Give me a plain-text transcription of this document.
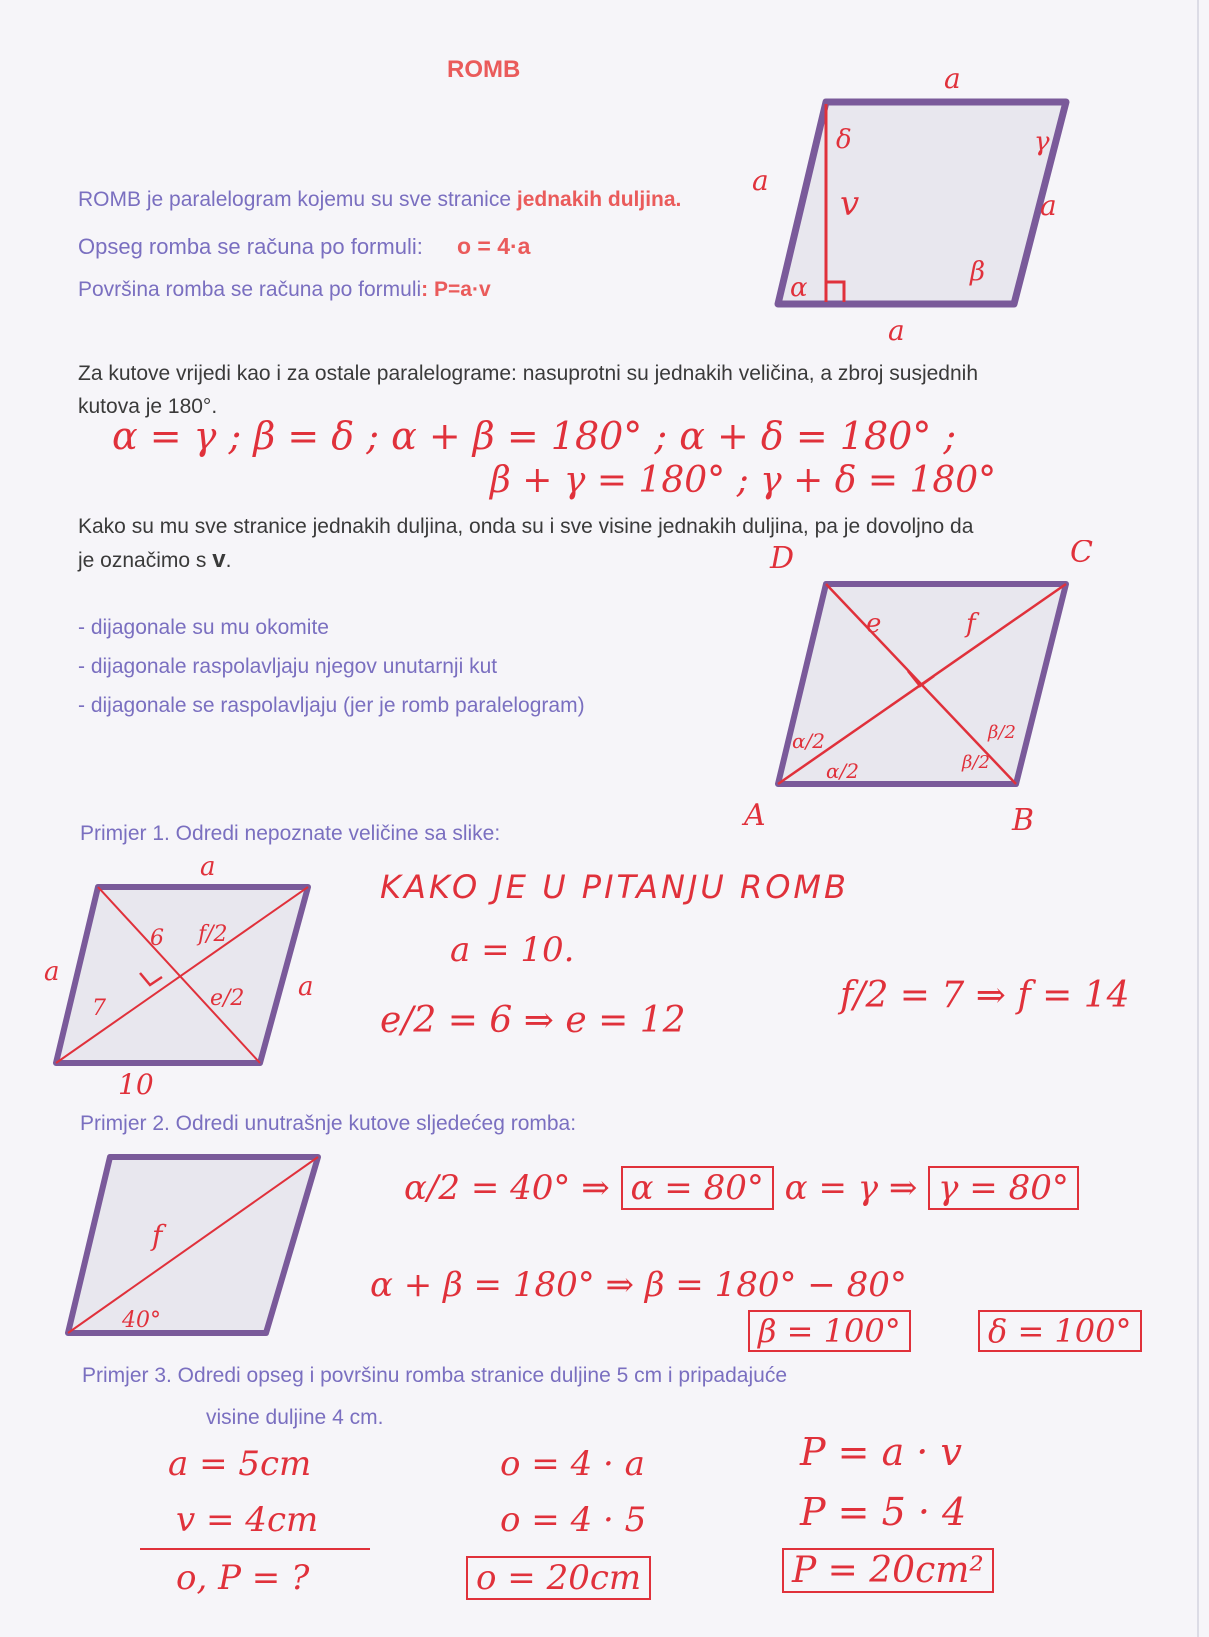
ROMB
ROMB je paralelogram kojemu su sve stranice jednakih duljina.
Opseg romba se računa po formuli: o = 4·a
Površina romba se računa po formuli: P=a·v
a
a
a
a
v
α
β
γ
δ
Za kutove vrijedi kao i za ostale paralelograme: nasuprotni su jednakih veličina, a zbroj susjednih kutova je 180°.
α = γ ; β = δ ; α + β = 180° ; α + δ = 180° ;
β + γ = 180° ; γ + δ = 180°
Kako su mu sve stranice jednakih duljina, onda su i sve visine jednakih duljina, pa je dovoljno da je označimo s v.
- dijagonale su mu okomite
- dijagonale raspolavljaju njegov unutarnji kut
- dijagonale se raspolavljaju (jer je romb paralelogram)
A	B
C
D
e	f
α/2
α/2	β/2
β/2
Primjer 1. Odredi nepoznate veličine sa slike:
a
a	a
6 f/2
7	e/2
10
KAKO JE U PITANJU ROMB
a = 10.
e/2 = 6 ⇒ e = 12
f/2 = 7 ⇒ f = 14
Primjer 2. Odredi unutrašnje kutove sljedećeg romba:
f
40°
α/2 = 40° ⇒ α = 80° α = γ ⇒ γ = 80°
α + β = 180° ⇒ β = 180° − 80°
β = 100°	δ = 100°
Primjer 3. Odredi opseg i površinu romba stranice duljine 5 cm i pripadajuće
visine duljine 4 cm.
a = 5cm
v = 4cm
o, P = ?
o = 4 · a
o = 4 · 5
o = 20cm
P = a · v
P = 5 · 4
P = 20cm²
